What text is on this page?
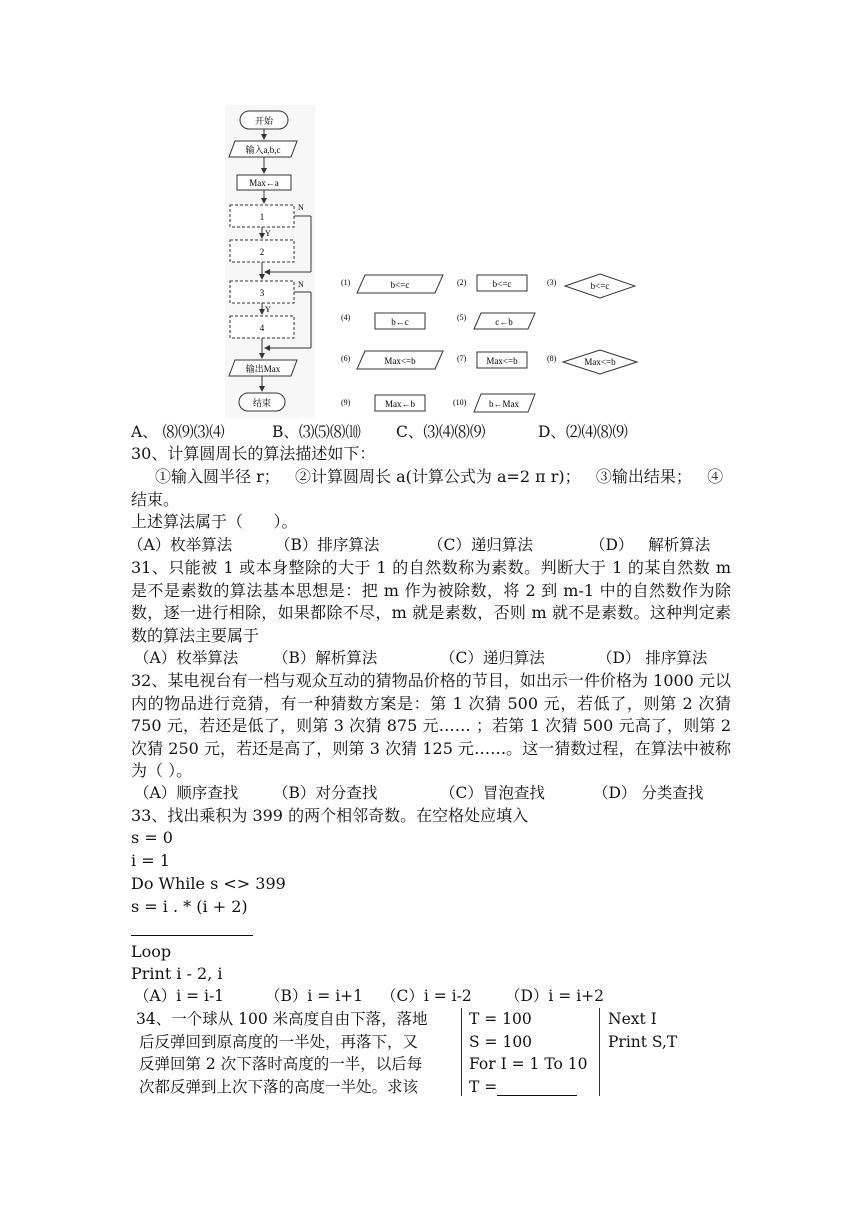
开始
输入a,b,c
Max←a
1
N
Y
2
3
N
Y
4
输出Max
结束
(1)	b<=c	(2)	b<=c	(3)	b<=c
(4)	b←c	(5)	c←b
(6)	Max<=b	(7) Max<=b	(8)	Max<=b
(9)	Max←b	(10)	b←Max
A、 ⑻⑼⑶⑷	B、⑶⑸⑻⑽ C、⑶⑷⑻⑼	D、⑵⑷⑻⑼
30、计算圆周长的算法描述如下：
①输入圆半径 r；   ②计算圆周长 a(计算公式为 a=2 π r)；   ③输出结果；   ④
结束。
上述算法属于（      ）。
（A）枚举算法	（B）排序算法	（C）递归算法	（D）   解析算法
31、只能被 1 或本身整除的大于 1 的自然数称为素数。判断大于 1 的某自然数 m 是不是素数的算法基本思想是：把 m 作为被除数，将 2 到 m-1 中的自然数作为除数，逐一进行相除，如果都除不尽，m 就是素数，否则 m 就不是素数。这种判定素数的算法主要属于
（A）枚举算法 （B）解析算法	（C）递归算法	（D） 排序算法
32、某电视台有一档与观众互动的猜物品价格的节目，如出示一件价格为 1000 元以内的物品进行竞猜，有一种猜数方案是：第 1 次猜 500 元，若低了，则第 2 次猜 750 元，若还是低了，则第 3 次猜 875 元…… ；若第 1 次猜 500 元高了，则第 2 次猜 250 元，若还是高了，则第 3 次猜 125 元……。这一猜数过程，在算法中被称为（ ）。
（A）顺序查找 （B）对分查找	（C）冒泡查找	（D） 分类查找
33、找出乘积为 399 的两个相邻奇数。在空格处应填入
s = 0
i = 1
Do While s <> 399
s = i . * (i + 2)
Loop
Print i - 2, i
（A）i = i-1	（B）i = i+1 （C）i = i-2 （D）i = i+2
34、一个球从 100 米高度自由下落，落地
后反弹回到原高度的一半处，再落下，又
反弹回第 2 次下落时高度的一半，以后每
次都反弹到上次下落的高度一半处。求该
T = 100
S = 100
For I = 1 To 10
T =
Next I
Print S,T
